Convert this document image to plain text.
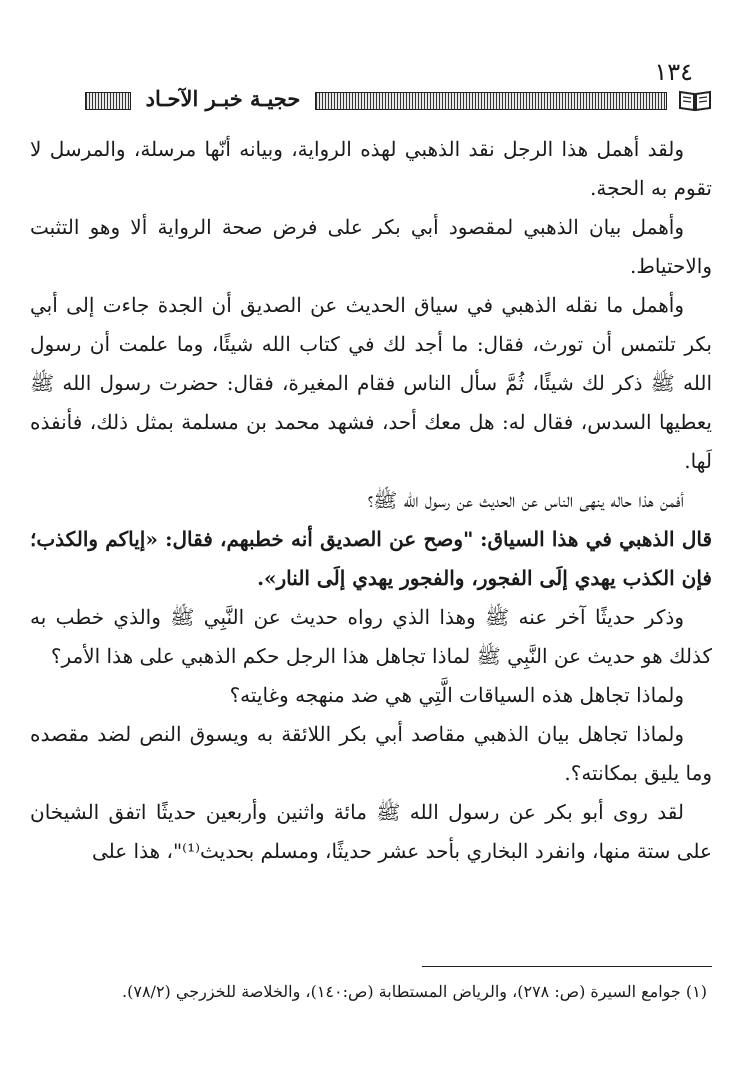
١٣٤
حجيـة خبـر الآحـاد

ولقد أهمل هذا الرجل نقد الذهبي لهذه الرواية، وبيانه أنّها مرسلة، والمرسل لا تقوم به الحجة.

وأهمل بيان الذهبي لمقصود أبي بكر على فرض صحة الرواية ألا وهو التثبت والاحتياط.

وأهمل ما نقله الذهبي في سياق الحديث عن الصديق أن الجدة جاءت إلى أبي بكر تلتمس أن تورث، فقال: ما أجد لك في كتاب الله شيئًا، وما علمت أن رسول الله ﷺ ذكر لك شيئًا، ثُمَّ سأل الناس فقام المغيرة، فقال: حضرت رسول الله ﷺ يعطيها السدس، فقال له: هل معك أحد، فشهد محمد بن مسلمة بمثل ذلك، فأنفذه لَها.

أفمن هذا حاله ينهى الناس عن الحديث عن رسول الله ﷺ؟

قال الذهبي في هذا السياق: "وصح عن الصديق أنه خطبهم، فقال: «إياكم والكذب؛ فإن الكذب يهدي إلَى الفجور، والفجور يهدي إلَى النار».

وذكر حديثًا آخر عنه ﷺ وهذا الذي رواه حديث عن النَّبِي ﷺ والذي خطب به كذلك هو حديث عن النَّبِي ﷺ لماذا تجاهل هذا الرجل حكم الذهبي على هذا الأمر؟

ولماذا تجاهل هذه السياقات الَّتِي هي ضد منهجه وغايته؟

ولماذا تجاهل بيان الذهبي مقاصد أبي بكر اللائقة به ويسوق النص لضد مقصده وما يليق بمكانته؟.

لقد روى أبو بكر عن رسول الله ﷺ مائة واثنين وأربعين حديثًا اتفق الشيخان على ستة منها، وانفرد البخاري بأحد عشر حديثًا، ومسلم بحديث⁽¹⁾"، هذا على

(١) جوامع السيرة (ص: ٢٧٨)، والرياض المستطابة (ص:١٤٠)، والخلاصة للخزرجي (٧٨/٢).
